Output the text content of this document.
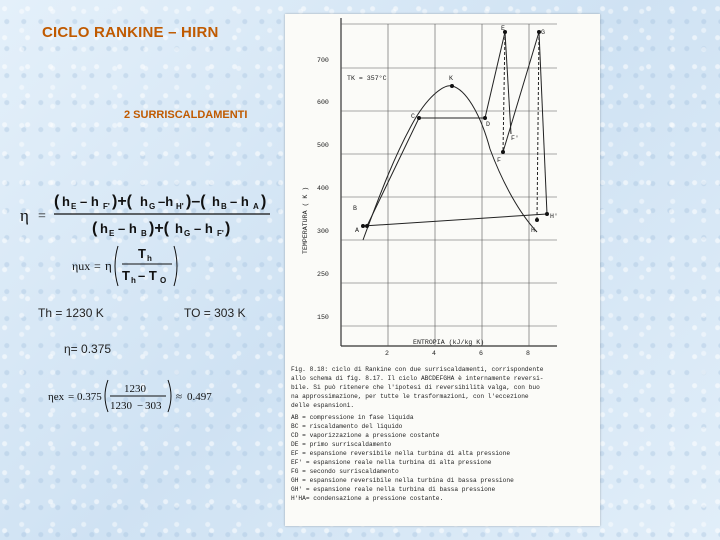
CICLO RANKINE – HIRN
2 SURRISCALDAMENTI
η =
( h E – h F' )+( h G –h H' )–( h B – h A )
( h E – h B )+( h G – h F' )
ηux = η
T h
T h – T O
Th = 1230 K	TO = 303 K
η= 0.375
ηex = 0.375
1230
1230 − 303
≈ 0.497
700
600
500
400
300
250
150
TEMPERATURA ( K )
ENTROPIA (kJ/kg K)
2	4	6	8
TK = 357°C
A
B
C
D
E
F
F'
G
H
H'
K
Fig. 8.18: ciclo di Rankine con due surriscaldamenti, corrispondente
allo schema di fig. 8.17. Il ciclo ABCDEFGHA è internamente reversi-
bile. Si può ritenere che l'ipotesi di reversibilità valga, con buo
na approssimazione, per tutte le trasformazioni, con l'eccezione
delle espansioni.
AB = compressione in fase liquida
BC = riscaldamento del liquido
CD = vaporizzazione a pressione costante
DE = primo surriscaldamento
EF = espansione reversibile nella turbina di alta pressione
EF' = espansione reale nella turbina di alta pressione
FG = secondo surriscaldamento
GH = espansione reversibile nella turbina di bassa pressione
GH' = espansione reale nella turbina di bassa pressione
H'HA= condensazione a pressione costante.
